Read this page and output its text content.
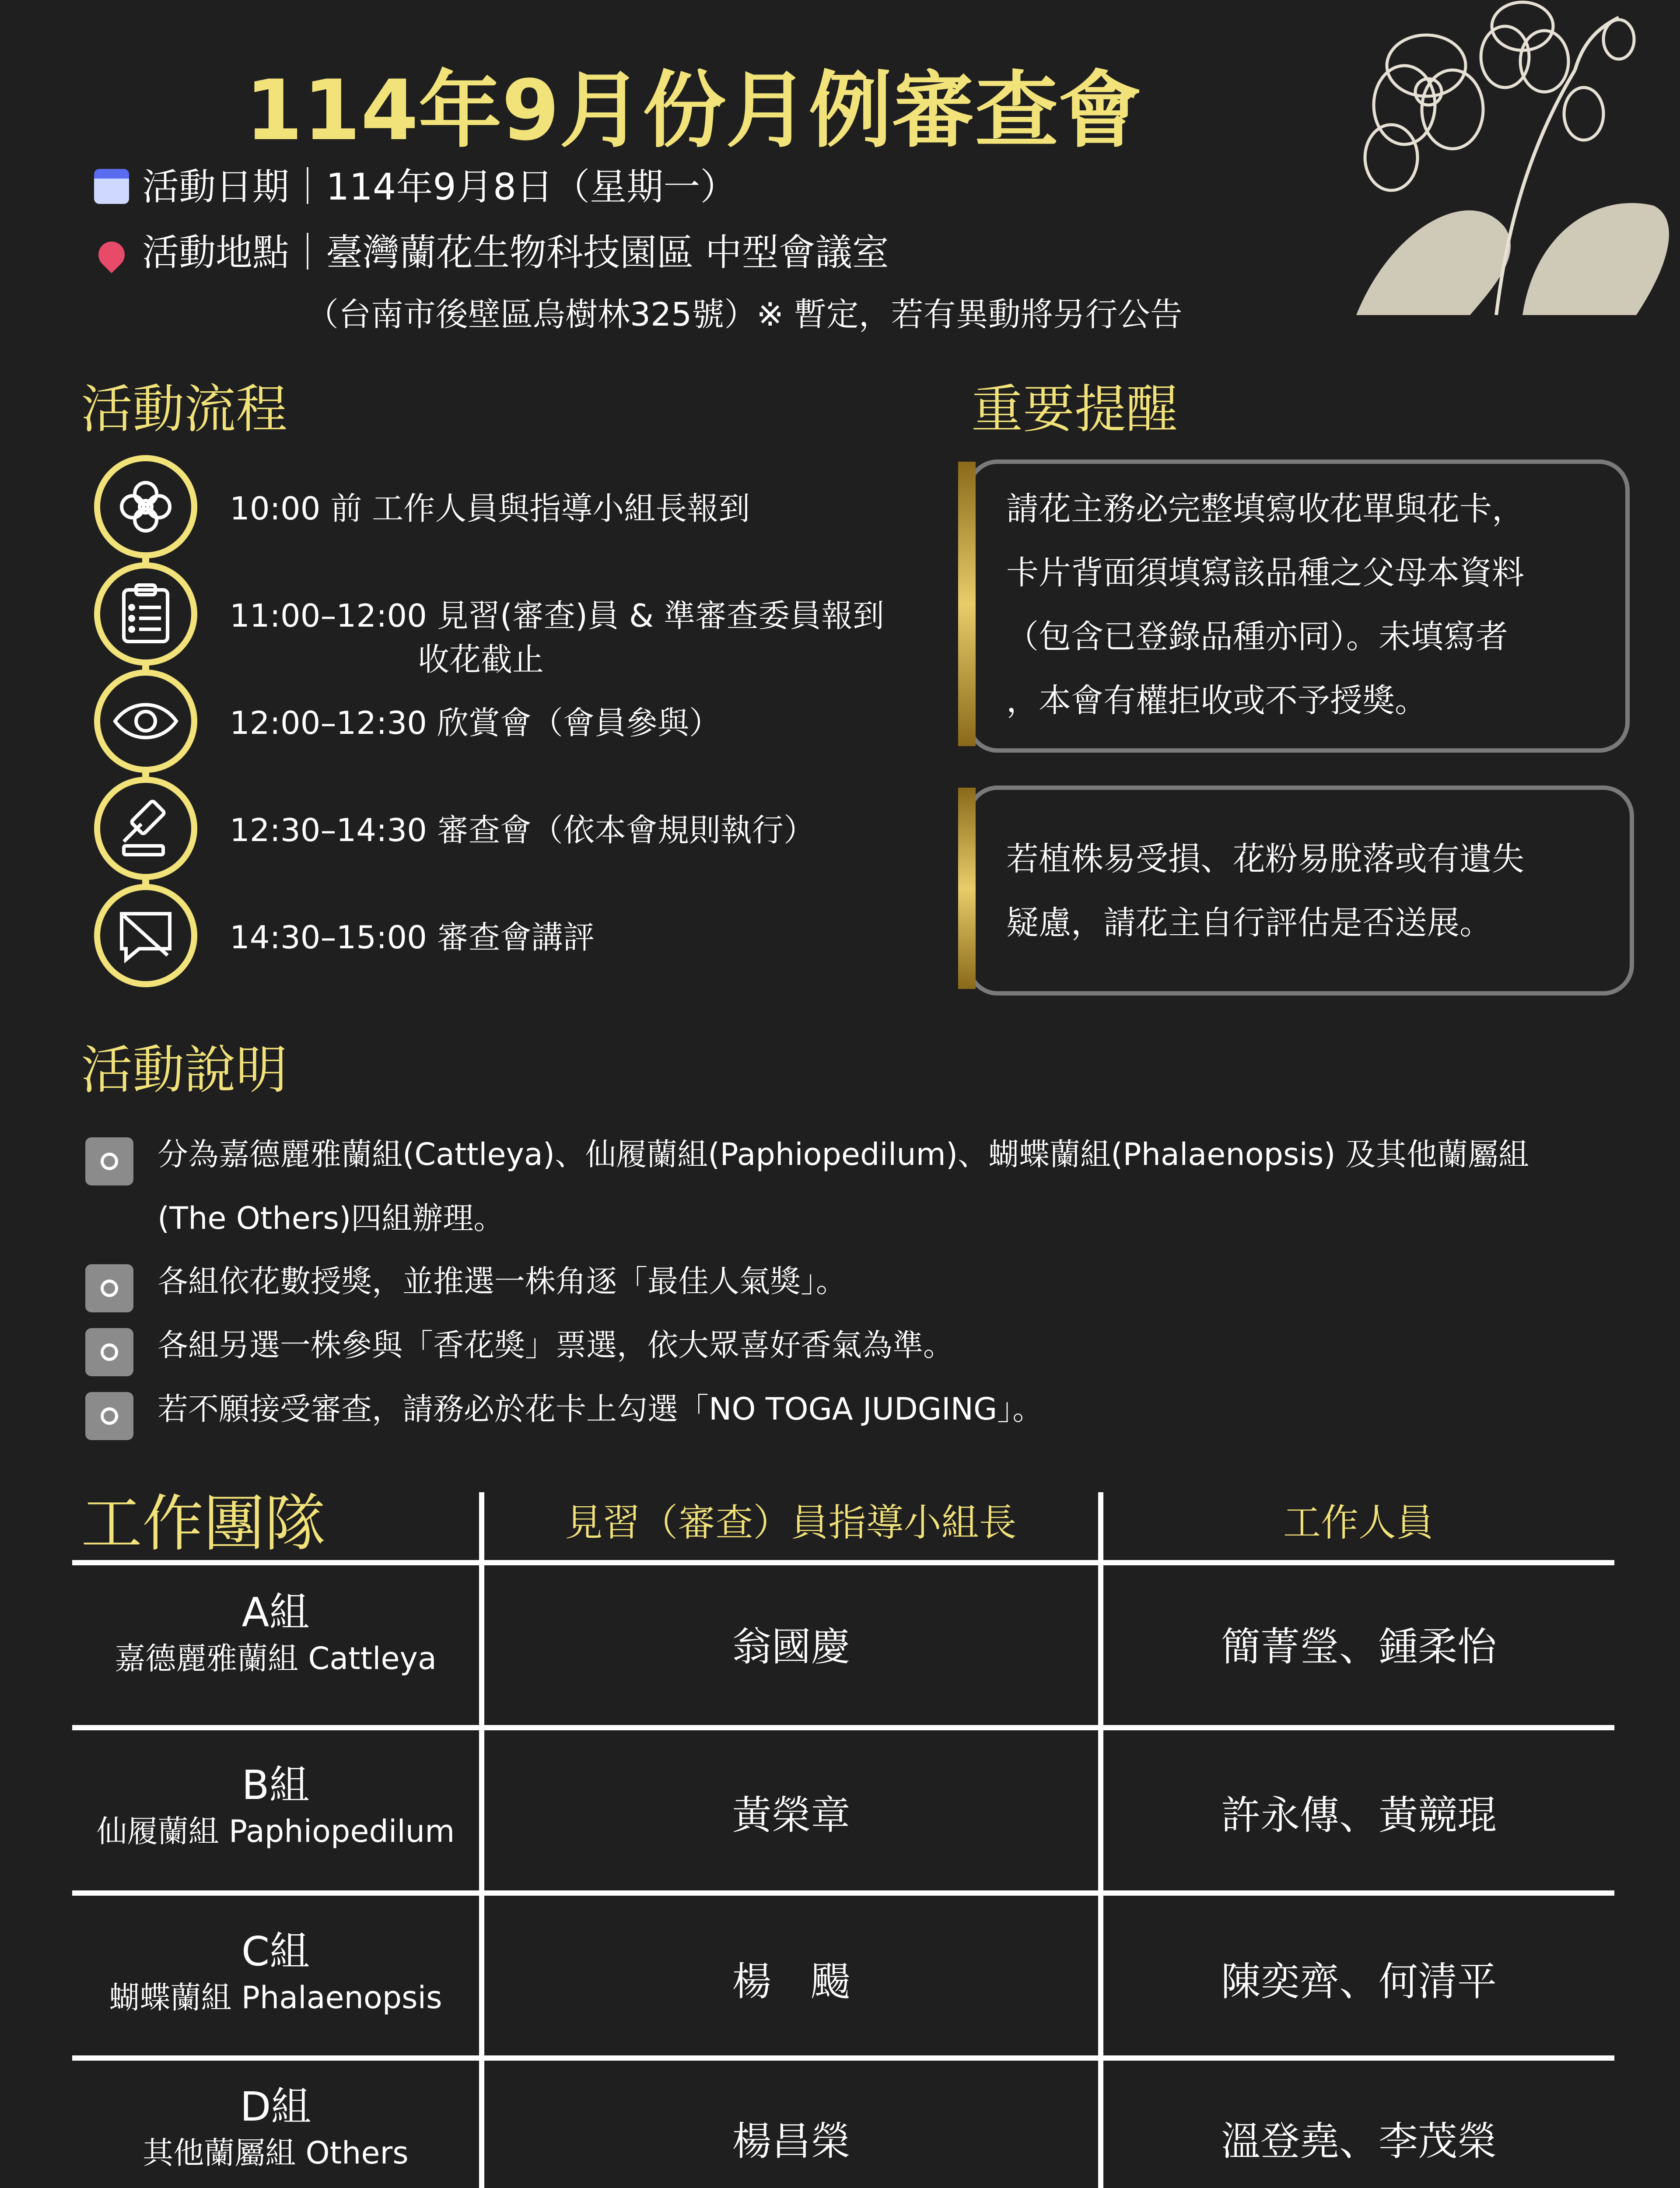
114年9月份月例審查會
活動日期｜114年9月8日（星期一）
活動地點｜臺灣蘭花生物科技園區 中型會議室
（台南市後壁區烏樹林325號）※ 暫定，若有異動將另行公告
活動流程
10:00 前 工作人員與指導小組長報到
11:00–12:00 見習(審查)員 & 準審查委員報到
收花截止
12:00–12:30 欣賞會（會員參與）
12:30–14:30 審查會（依本會規則執行）
14:30–15:00 審查會講評
重要提醒
請花主務必完整填寫收花單與花卡，
卡片背面須填寫該品種之父母本資料
（包含已登錄品種亦同）。未填寫者
，本會有權拒收或不予授獎。
若植株易受損、花粉易脫落或有遺失
疑慮，請花主自行評估是否送展。
活動說明
分為嘉德麗雅蘭組(Cattleya)、仙履蘭組(Paphiopedilum)、蝴蝶蘭組(Phalaenopsis) 及其他蘭屬組
(The Others)四組辦理。
各組依花數授獎，並推選一株角逐「最佳人氣獎」。
各組另選一株參與「香花獎」票選，依大眾喜好香氣為準。
若不願接受審查，請務必於花卡上勾選「NO TOGA JUDGING」。
工作團隊	見習（審查）員指導小組長	工作人員
A組
嘉德麗雅蘭組 Cattleya	翁國慶	簡菁瑩、鍾柔怡
B組
仙履蘭組 Paphiopedilum	黃榮章	許永傳、黃競琨
C組
蝴蝶蘭組 Phalaenopsis	楊　颺	陳奕齊、何清平
D組
其他蘭屬組 Others	楊昌榮	溫登堯、李茂榮
